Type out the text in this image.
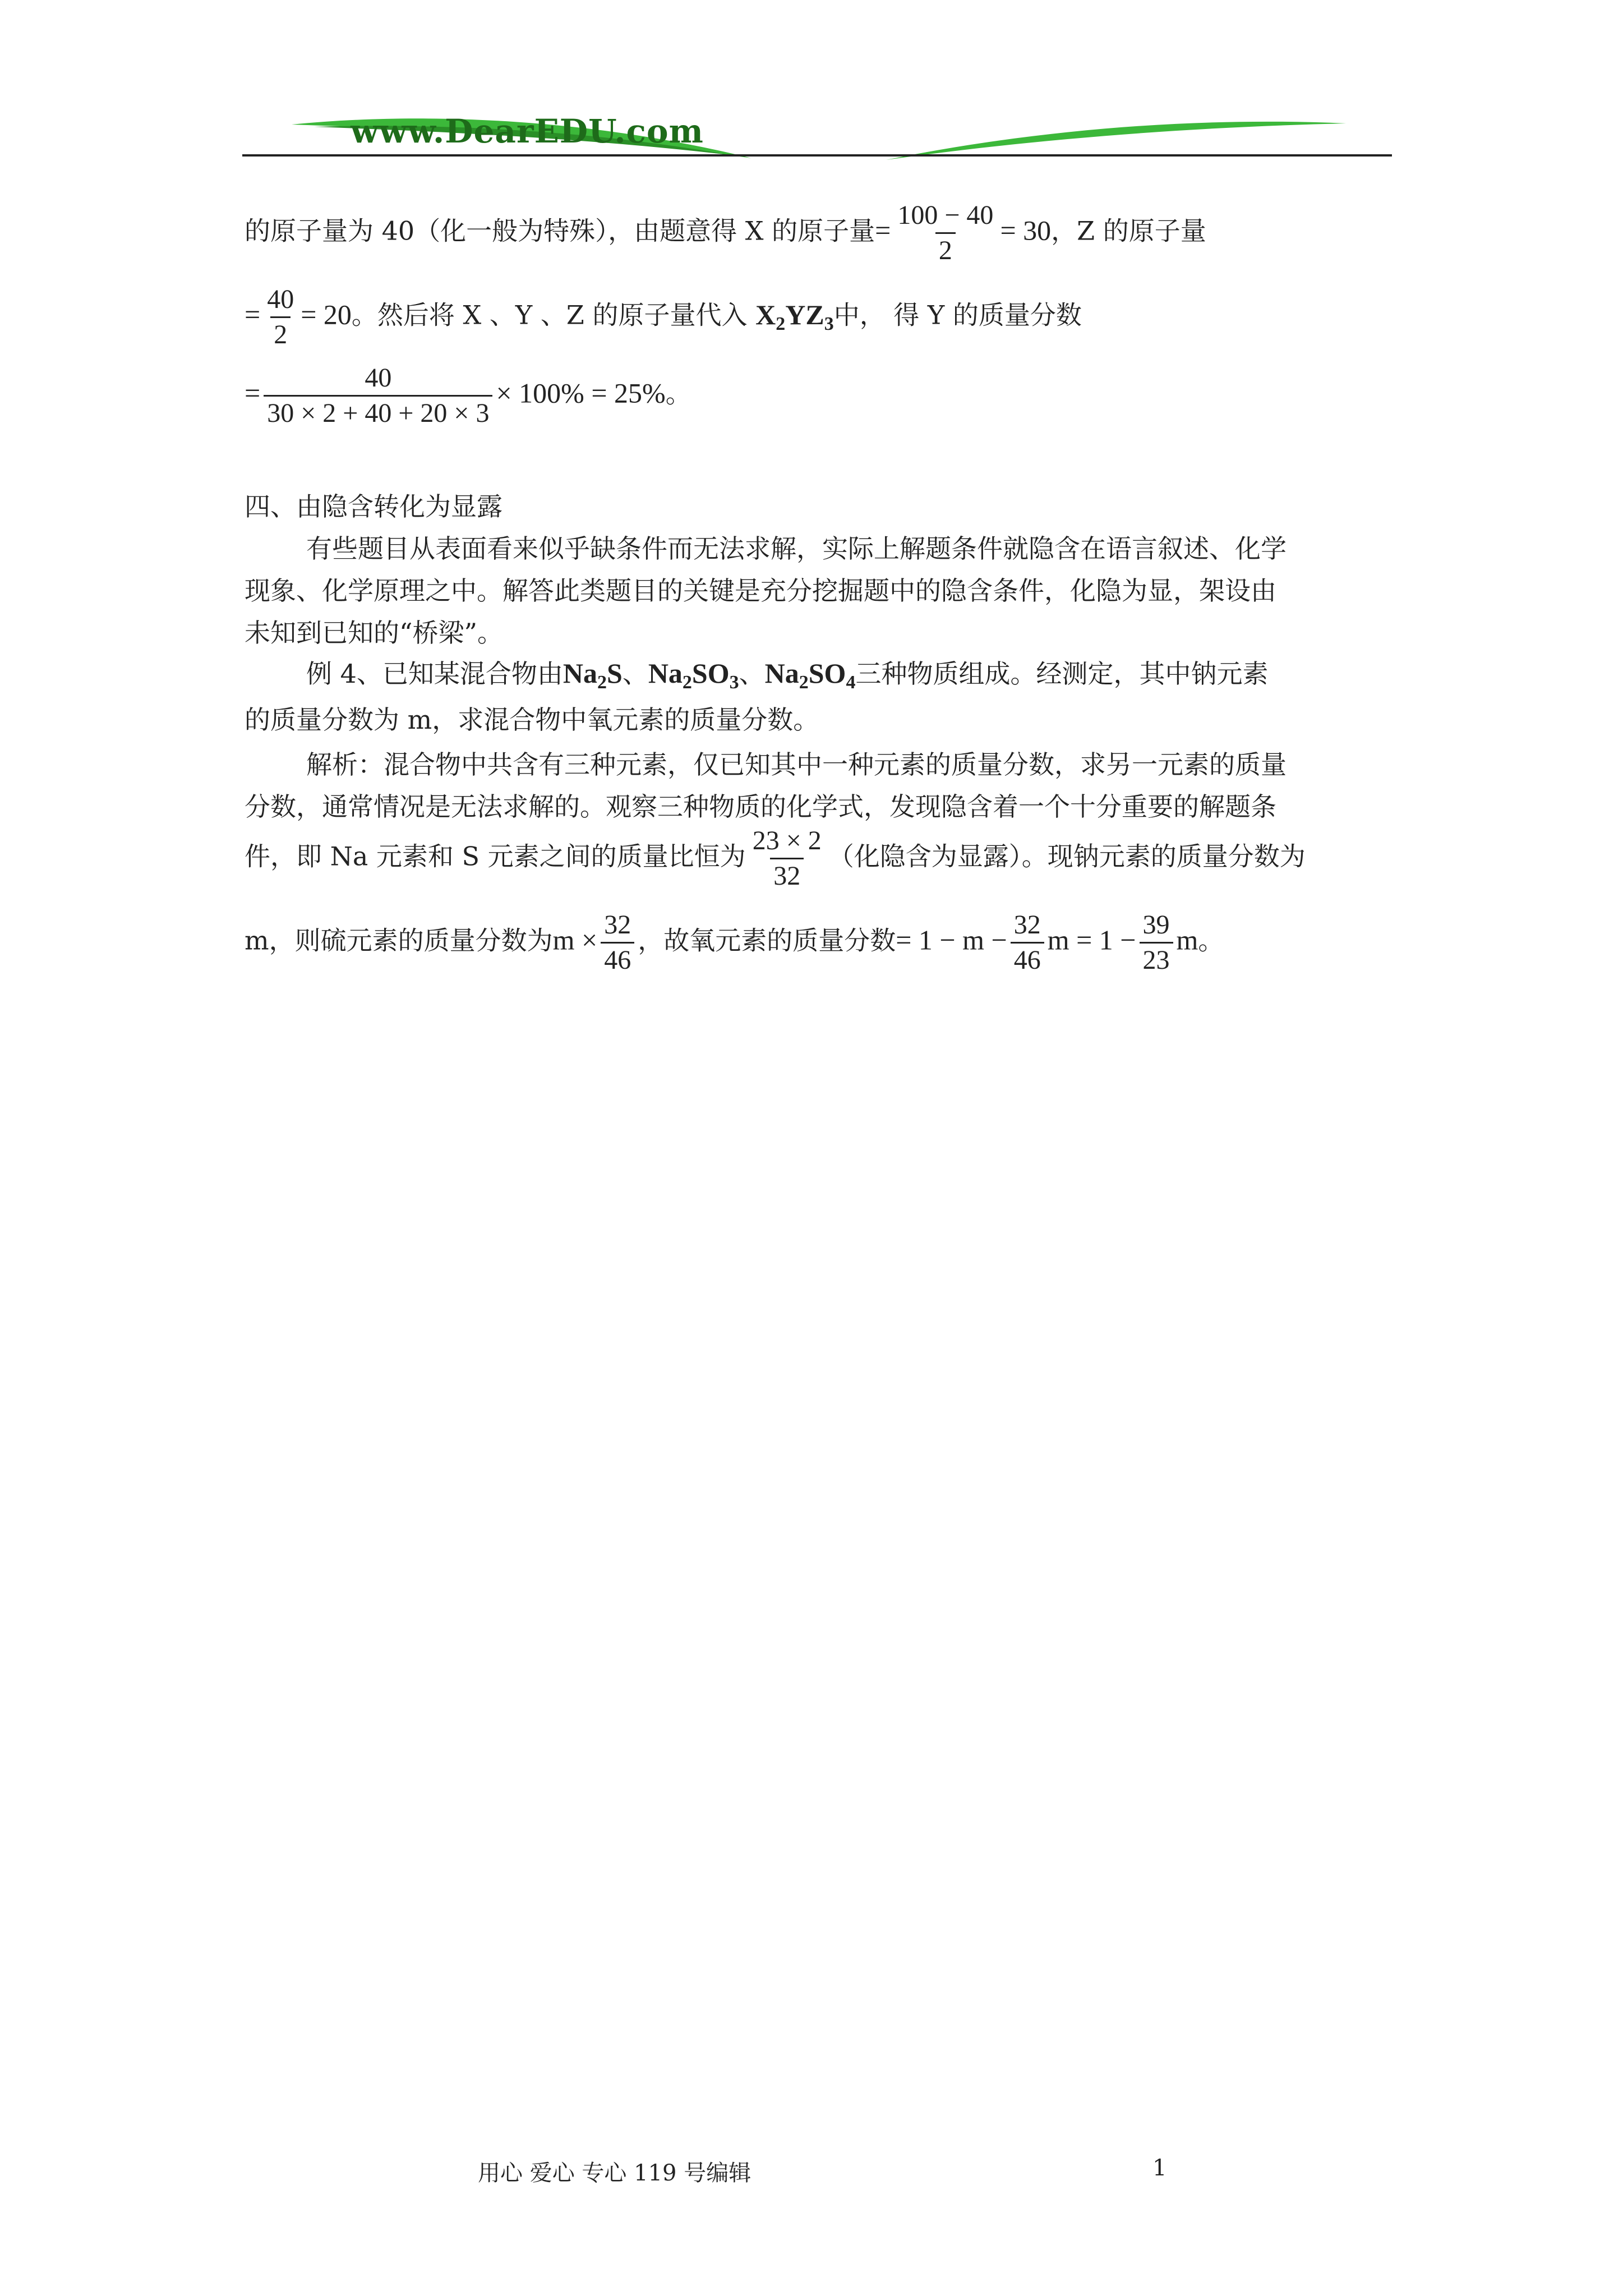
www.DearEDU.com
的原子量为 40（化一般为特殊），由题意得 X 的原子量= $\frac{100 - 40}{2} = 30$，Z 的原子量
= $\frac{40}{2} = 20$。然后将 X 、Y 、Z 的原子量代入 $X_2YZ_3$中， 得 Y 的质量分数
= $\frac{40}{30 \times 2 + 40 + 20 \times 3} \times 100\% = 25\%$。
四、由隐含转化为显露
有些题目从表面看来似乎缺条件而无法求解，实际上解题条件就隐含在语言叙述、化学
现象、化学原理之中。解答此类题目的关键是充分挖掘题中的隐含条件，化隐为显，架设由
未知到已知的“桥梁”。
例 4、已知某混合物由$Na_2S$、$Na_2SO_3$、$Na_2SO_4$三种物质组成。经测定，其中钠元素
的质量分数为 m，求混合物中氧元素的质量分数。
解析：混合物中共含有三种元素，仅已知其中一种元素的质量分数，求另一元素的质量
分数，通常情况是无法求解的。观察三种物质的化学式，发现隐含着一个十分重要的解题条
件，即 Na 元素和 S 元素之间的质量比恒为 $\frac{23 \times 2}{32}$ （化隐含为显露）。现钠元素的质量分数为
m，则硫元素的质量分数为$m \times \frac{32}{46}$ ，故氧元素的质量分数= $1 - m - \frac{32}{46}$ $m = 1 - \frac{39}{23}$ m。
用心 爱心 专心 119 号编辑	1
